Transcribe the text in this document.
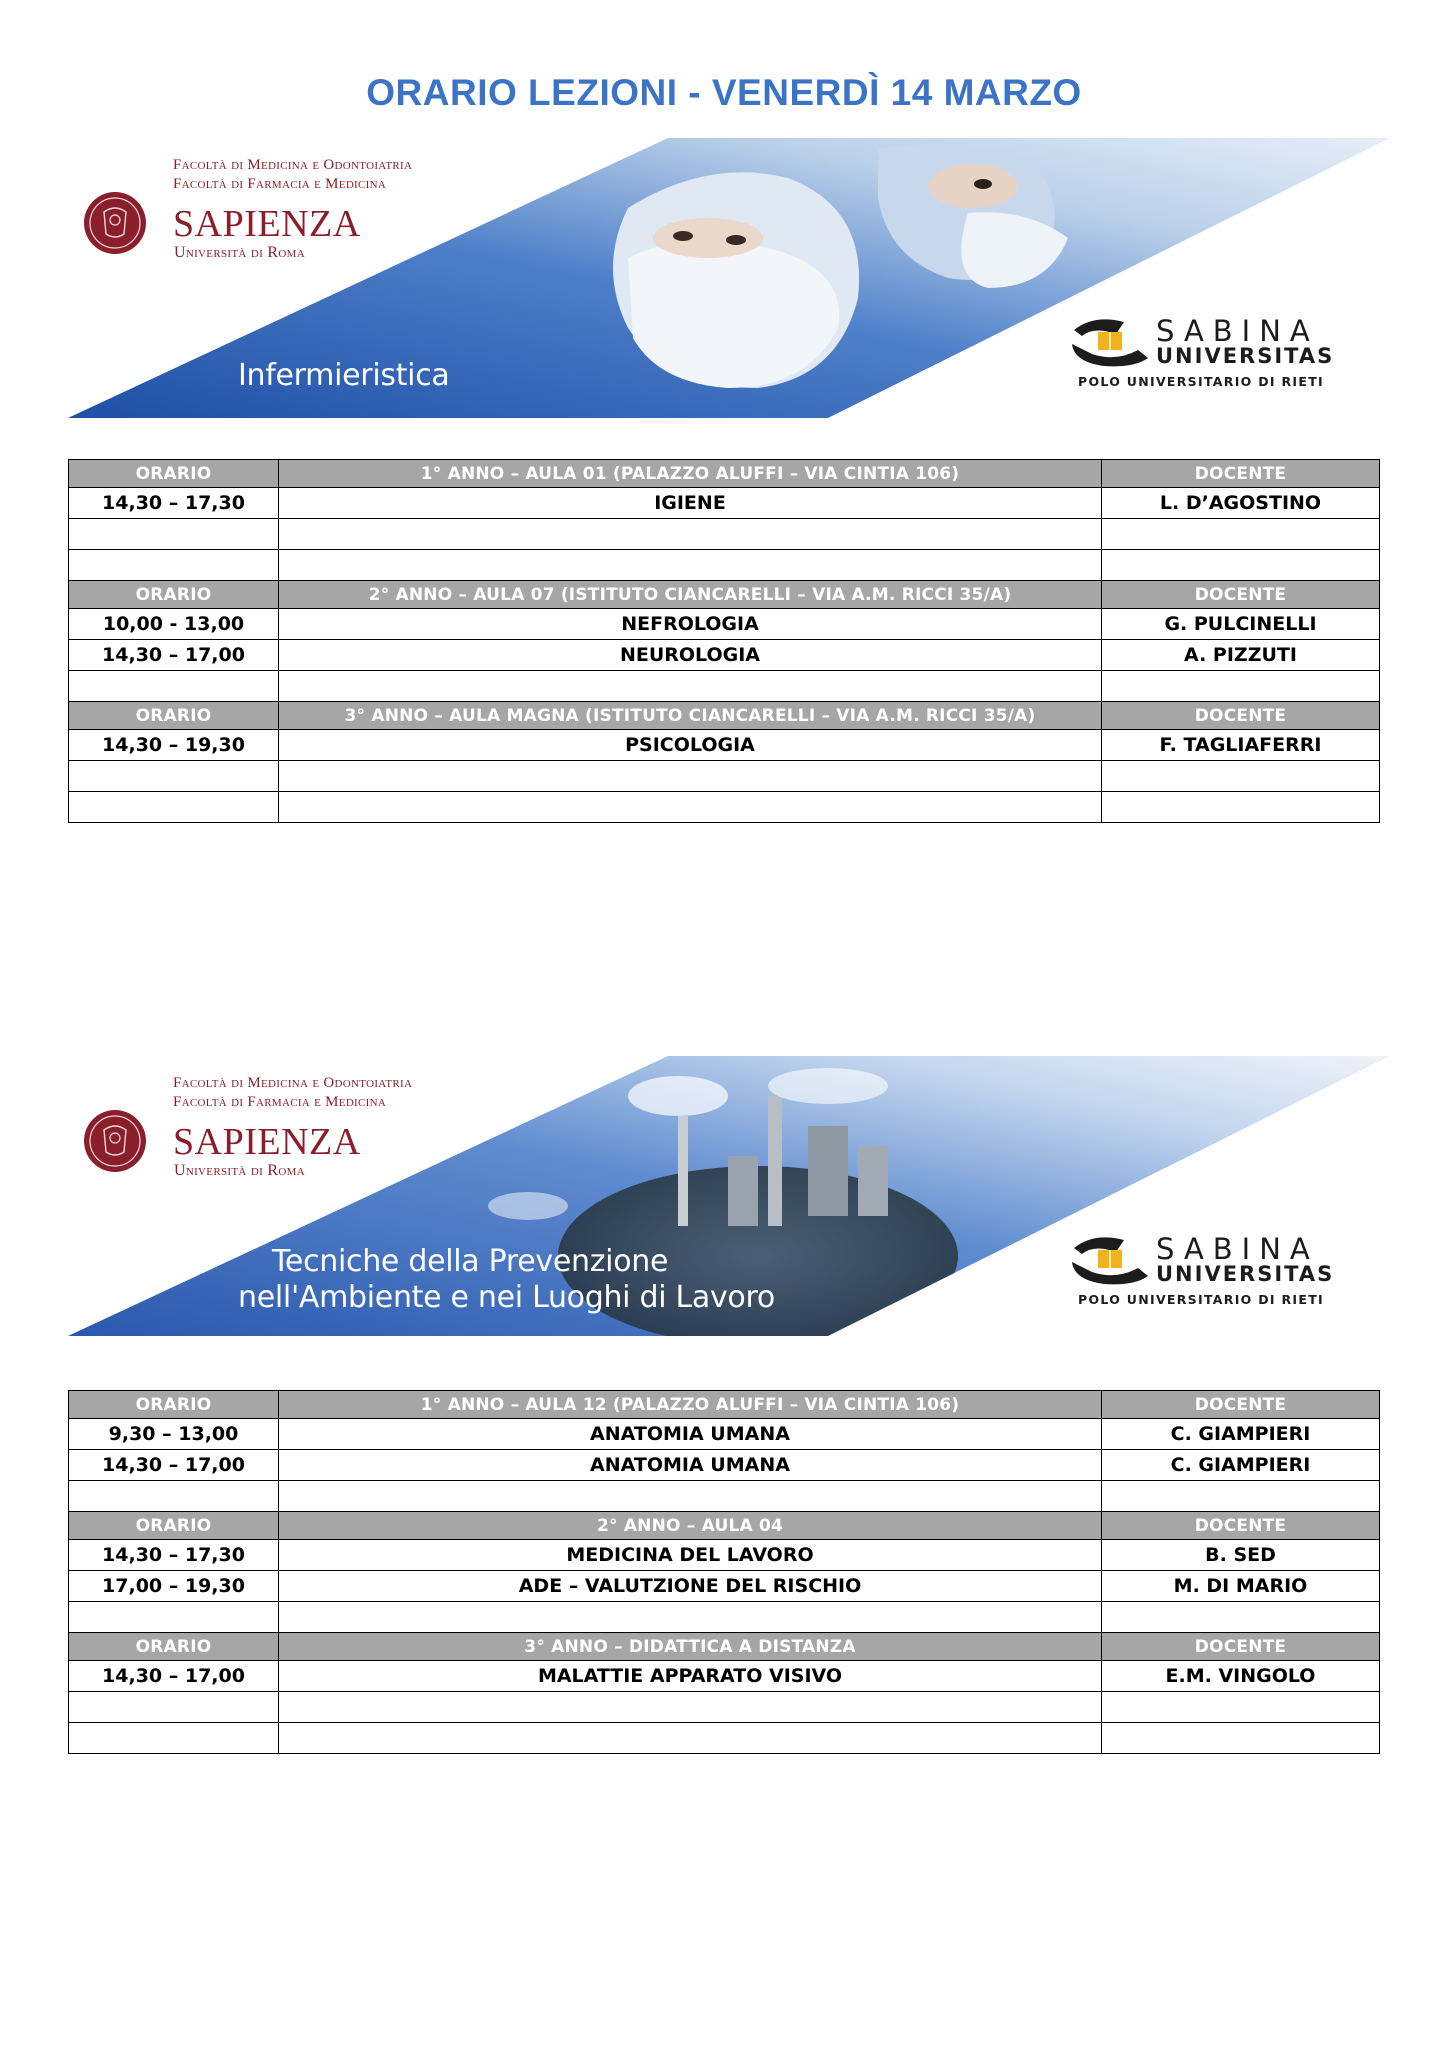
ORARIO LEZIONI - VENERDÌ 14 MARZO
Facoltà di Medicina e Odontoiatria
Facoltà di Farmacia e Medicina
SAPIENZA
Università di Roma
Infermieristica
SABINA
UNIVERSITAS
POLO UNIVERSITARIO DI RIETI
ORARIO	1° ANNO – AULA 01 (PALAZZO ALUFFI – VIA CINTIA 106)	DOCENTE
14,30 – 17,30	IGIENE	L. D’AGOSTINO

ORARIO	2° ANNO – AULA 07 (ISTITUTO CIANCARELLI – VIA A.M. RICCI 35/A)	DOCENTE
10,00 - 13,00	NEFROLOGIA	G. PULCINELLI
14,30 – 17,00	NEUROLOGIA	A. PIZZUTI

ORARIO	3° ANNO – AULA MAGNA (ISTITUTO CIANCARELLI – VIA A.M. RICCI 35/A)	DOCENTE
14,30 – 19,30	PSICOLOGIA	F. TAGLIAFERRI

Facoltà di Medicina e Odontoiatria
Facoltà di Farmacia e Medicina
SAPIENZA
Università di Roma
Tecniche della Prevenzione
nell'Ambiente e nei Luoghi di Lavoro
SABINA
UNIVERSITAS
POLO UNIVERSITARIO DI RIETI
ORARIO	1° ANNO – AULA 12 (PALAZZO ALUFFI – VIA CINTIA 106)	DOCENTE
9,30 – 13,00	ANATOMIA UMANA	C. GIAMPIERI
14,30 – 17,00	ANATOMIA UMANA	C. GIAMPIERI

ORARIO	2° ANNO – AULA 04	DOCENTE
14,30 – 17,30	MEDICINA DEL LAVORO	B. SED
17,00 – 19,30	ADE – VALUTZIONE DEL RISCHIO	M. DI MARIO

ORARIO	3° ANNO – DIDATTICA A DISTANZA	DOCENTE
14,30 – 17,00	MALATTIE APPARATO VISIVO	E.M. VINGOLO
